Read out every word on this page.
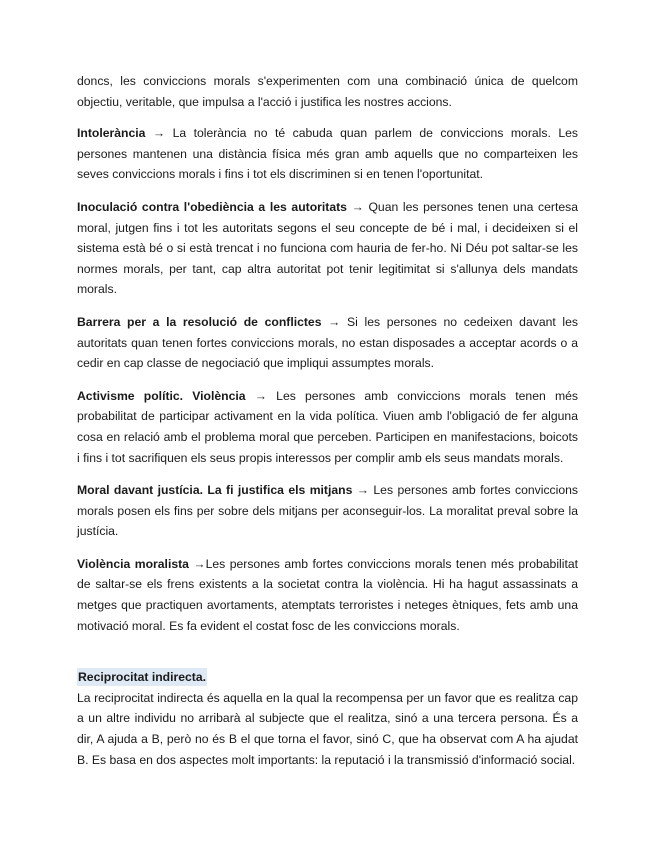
doncs, les conviccions morals s'experimenten com una combinació única de quelcom objectiu, veritable, que impulsa a l'acció i justifica les nostres accions.

Intolerància → La tolerància no té cabuda quan parlem de conviccions morals. Les persones mantenen una distància física més gran amb aquells que no comparteixen les seves conviccions morals i fins i tot els discriminen si en tenen l'oportunitat.

Inoculació contra l'obediència a les autoritats → Quan les persones tenen una certesa moral, jutgen fins i tot les autoritats segons el seu concepte de bé i mal, i decideixen si el sistema està bé o si està trencat i no funciona com hauria de fer-ho. Ni Déu pot saltar-se les normes morals, per tant, cap altra autoritat pot tenir legitimitat si s'allunya dels mandats morals.

Barrera per a la resolució de conflictes → Si les persones no cedeixen davant les autoritats quan tenen fortes conviccions morals, no estan disposades a acceptar acords o a cedir en cap classe de negociació que impliqui assumptes morals.

Activisme polític. Violència → Les persones amb conviccions morals tenen més probabilitat de participar activament en la vida política. Viuen amb l'obligació de fer alguna cosa en relació amb el problema moral que perceben. Participen en manifestacions, boicots i fins i tot sacrifiquen els seus propis interessos per complir amb els seus mandats morals.

Moral davant justícia. La fi justifica els mitjans → Les persones amb fortes conviccions morals posen els fins per sobre dels mitjans per aconseguir-los. La moralitat preval sobre la justícia.

Violència moralista →Les persones amb fortes conviccions morals tenen més probabilitat de saltar-se els frens existents a la societat contra la violència. Hi ha hagut assassinats a metges que practiquen avortaments, atemptats terroristes i neteges ètniques, fets amb una motivació moral. Es fa evident el costat fosc de les conviccions morals.

Reciprocitat indirecta.

La reciprocitat indirecta és aquella en la qual la recompensa per un favor que es realitza cap a un altre individu no arribarà al subjecte que el realitza, sinó a una tercera persona. És a dir, A ajuda a B, però no és B el que torna el favor, sinó C, que ha observat com A ha ajudat B. Es basa en dos aspectes molt importants: la reputació i la transmissió d'informació social.
